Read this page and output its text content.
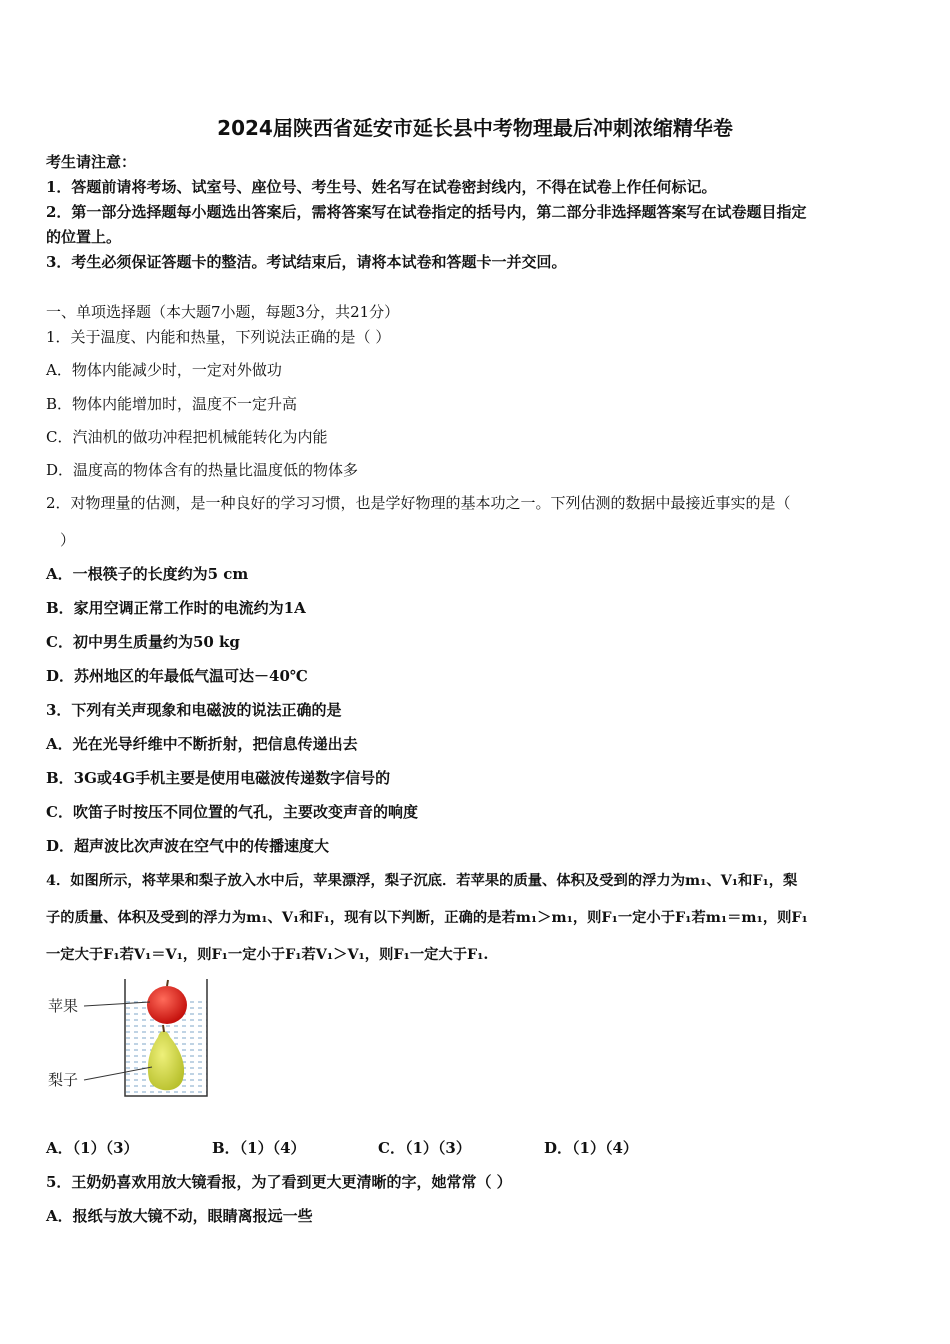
2024届陕西省延安市延长县中考物理最后冲刺浓缩精华卷
考生请注意：
1．答题前请将考场、试室号、座位号、考生号、姓名写在试卷密封线内，不得在试卷上作任何标记。
2．第一部分选择题每小题选出答案后，需将答案写在试卷指定的括号内，第二部分非选择题答案写在试卷题目指定
的位置上。
3．考生必须保证答题卡的整洁。考试结束后，请将本试卷和答题卡一并交回。
一、单项选择题（本大题7小题，每题3分，共21分）
1．关于温度、内能和热量，下列说法正确的是（ ）
A．物体内能减少时，一定对外做功
B．物体内能增加时，温度不一定升高
C．汽油机的做功冲程把机械能转化为内能
D．温度高的物体含有的热量比温度低的物体多
2．对物理量的估测，是一种良好的学习习惯，也是学好物理的基本功之一。下列估测的数据中最接近事实的是（
）
A．一根筷子的长度约为5 cm
B．家用空调正常工作时的电流约为1A
C．初中男生质量约为50 kg
D．苏州地区的年最低气温可达－40℃
3．下列有关声现象和电磁波的说法正确的是
A．光在光导纤维中不断折射，把信息传递出去
B．3G或4G手机主要是使用电磁波传递数字信号的
C．吹笛子时按压不同位置的气孔，主要改变声音的响度
D．超声波比次声波在空气中的传播速度大
4．如图所示，将苹果和梨子放入水中后，苹果漂浮，梨子沉底．若苹果的质量、体积及受到的浮力为m₁、V₁和F₁，梨
子的质量、体积及受到的浮力为m₁、V₁和F₁，现有以下判断，正确的是若m₁＞m₁，则F₁一定小于F₁若m₁＝m₁，则F₁
一定大于F₁若V₁＝V₁，则F₁一定小于F₁若V₁＞V₁，则F₁一定大于F₁.
苹果
梨子
A．（1）（3）	B．（1）（4）	C．（1）（3）	D．（1）（4）
5．王奶奶喜欢用放大镜看报，为了看到更大更清晰的字，她常常（ ）
A．报纸与放大镜不动，眼睛离报远一些
